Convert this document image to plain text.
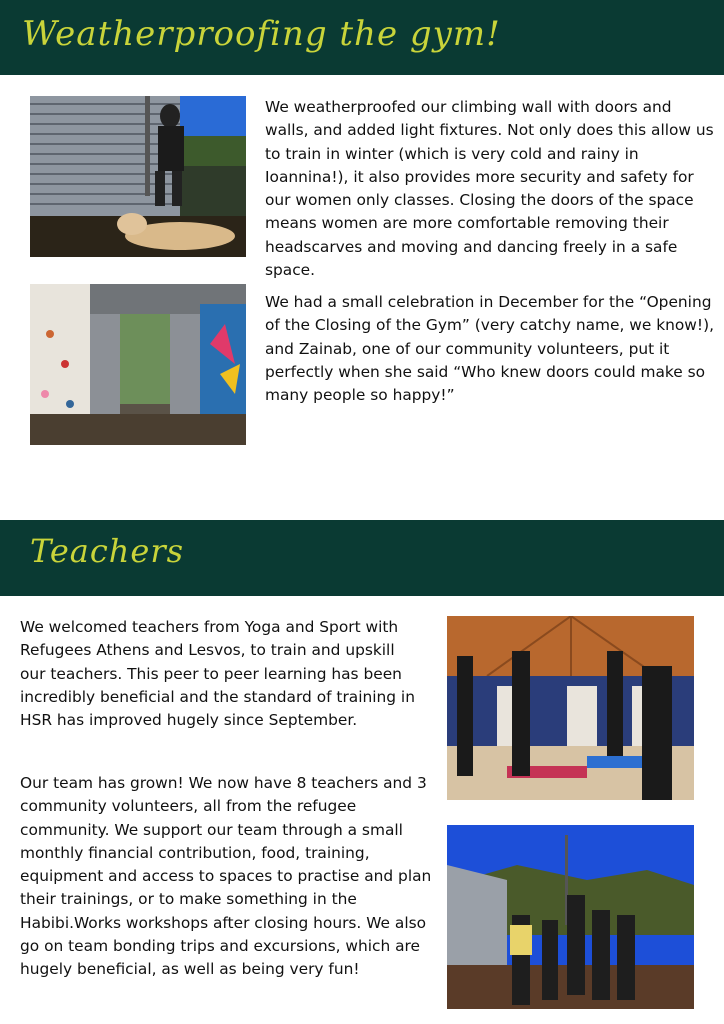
Weatherproofing the gym!

We weatherproofed our climbing wall with doors and walls, and added light fixtures. Not only does this allow us to train in winter (which is very cold and rainy in Ioannina!), it also provides more security and safety for our women only classes. Closing the doors of the space means women are more comfortable removing their headscarves and moving and dancing freely in a safe space.

We had a small celebration in December for the “Opening of the Closing of the Gym” (very catchy name, we know!), and Zainab, one of our community volunteers, put it perfectly when she said “Who knew doors could make so many people so happy!”

Teachers

We welcomed teachers from Yoga and Sport with Refugees Athens and Lesvos, to train and upskill our teachers. This peer to peer learning has been incredibly beneficial and the standard of training in HSR has improved hugely since September.

Our team has grown! We now have 8 teachers and 3 community volunteers, all from the refugee community. We support our team through a small monthly financial contribution, food, training, equipment and access to spaces to practise and plan their trainings, or to make something in the Habibi.Works workshops after closing hours. We also go on team bonding trips and excursions, which are hugely beneficial, as well as being very fun!
